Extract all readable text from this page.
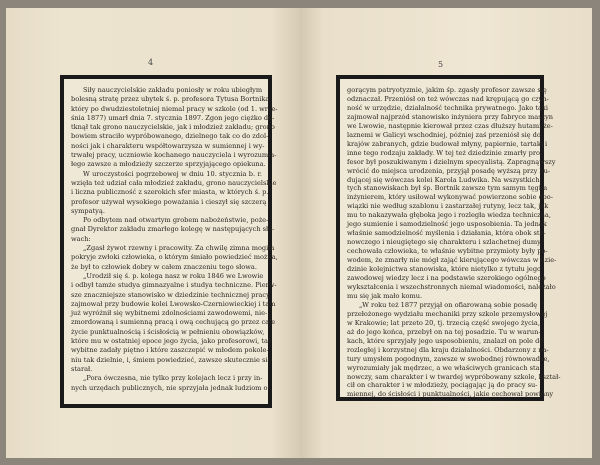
4
Siły nauczycielskie zakładu poniosły w roku ubiegłym
bolesną stratę przez ubytek ś. p. profesora Tytusa Bortnika,
który po dwudziestoletniej niemal pracy w szkole (od 1. wrze-
śnia 1877) umarł dnia 7. stycznia 1897. Zgon jego ciężko do-
tknął tak grono nauczycielskie, jak i młodzież zakładu; grono
bowiem straciło wypróbowanego, dzielnego tak co do zdol-
ności jak i charakteru współtowarzysza w sumiennej i wy-
trwałej pracy, uczniowie kochanego nauczyciela i wyrozumia-
łego zawsze a młodzieży szczerze sprzyjającego opiekuna.
W uroczystości pogrzebowej w dniu 10. stycznia b. r.
wzięła też udział cała młodzież zakładu, grono nauczycielskie
i liczna publiczność z szerokich sfer miasta, w których ś. p.
profesor używał wysokiego poważania i cieszył się szczerą
sympatyą.
Po odbytem nad otwartym grobem nabożeństwie, poże-
gnał Dyrektor zakładu zmarłego kolegę w następujących sło-
wach:
„Zgasł żywot rzewny i pracowity. Za chwilę zimna mogiła
pokryje zwłoki człowieka, o którym śmiało powiedzieć można,
że był to człowiek dobry w całem znaczeniu tego słowa.
„Urodził się ś. p. kolega nasz w roku 1846 we Lwowie
i odbył tamże studya gimnazyalne i studya techniczne. Pierw-
sze znaczniejsze stanowisko w dziedzinie technicznej pracy
zajmował przy budowie kolei Lwowsko-Czerniowieckiej i tam
już wyróżnił się wybitnemi zdolnościami zawodowemi, nie-
zmordowaną i sumienną pracą i ową cechującą go przez całe
życie punktualnością i ścisłością w pełnieniu obowiązków,
które mu w ostatniej epoce jego życia, jako profesorowi, tak
wybitne zadały piętno i które zaszczepić w młodem pokole-
niu tak dzielnie, i, śmiem powiedzieć, zawsze skutecznie się
starał.
„Pora ówczesna, nie tylko przy kolejach lecz i przy in-
nych urzędach publicznych, nie sprzyjała jednak ludziom o
5
gorącym patryotyzmie, jakim śp. zgasły profesor zawsze się
odznaczał. Przeniósł on też wówczas nad krępującą go czyn-
ność w urzędzie, działalność technika prywatnego. Jako taki
zajmował najprzód stanowisko inżyniera przy fabryce maszyn
we Lwowie, następnie kierował przez czas dłuższy hutami że-
laznemi w Galicyi wschodniej, później zaś przeniósł się do
krajów zabranych, gdzie budował młyny, papiernie, tartaki i
inne tego rodzaju zakłady. W tej też dziedzinie zmarły pro-
fesor był poszukiwanym i dzielnym specyalistą. Zapragnąwszy
wrócić do miejsca urodzenia, przyjął posadę wyższą przy bu-
dującej się wówczas kolei Karola Ludwika. Na wszystkich
tych stanowiskach był śp. Bortnik zawsze tym samym tęgim
inżynierem, który usiłował wykonywać powierzone sobie obo-
wiązki nie według szablonu i zastarzałej rutyny, lecz tak, jak
mu to nakazywała głęboka jego i rozległa wiedza techniczna,
jego sumienie i samodzielność jego usposobienia. Ta jednak
właśnie samodzielność myślenia i działania, która obok sta-
nowczego i nieugiętego się charakteru i szlachetnej dumy
cechowała człowieka, te właśnie wybitne przymioty były po-
wodem, że zmarły nie mógł zająć kierującego wówczas w dzie-
dzinie kolejnictwa stanowiska, które nietylko z tytułu jego
zawodowej wiedzy lecz i na podstawie szerokiego ogólnego
wykształcenia i wszechstronnych niemal wiadomości, należało
mu się jak mało komu.
„W roku też 1877 przyjął on ofiarowaną sobie posadę
przełożonego wydziału mechaniki przy szkole przemysłowej
w Krakowie; lat przeto 20, tj. trzecią część swojego życia,
aż do jego końca, przebył on na tej posadzie. Tu w warun-
kach, które sprzyjały jego usposobieniu, znalazł on pole do
rozległej i korzystnej dla kraju działalności. Obdarzony z na-
tury umysłem pogodnym, zawsze w swobodnej równowadze,
wyrozumiały jak mędrzec, a we właściwych granicach sta-
nowczy, sam charakter i w twardej wypróbowany szkole, kształ-
cił on charakter i w młodzieży, pociągając ją do pracy su-
miennej, do ścisłości i punktualności, jakie cechował powinny
